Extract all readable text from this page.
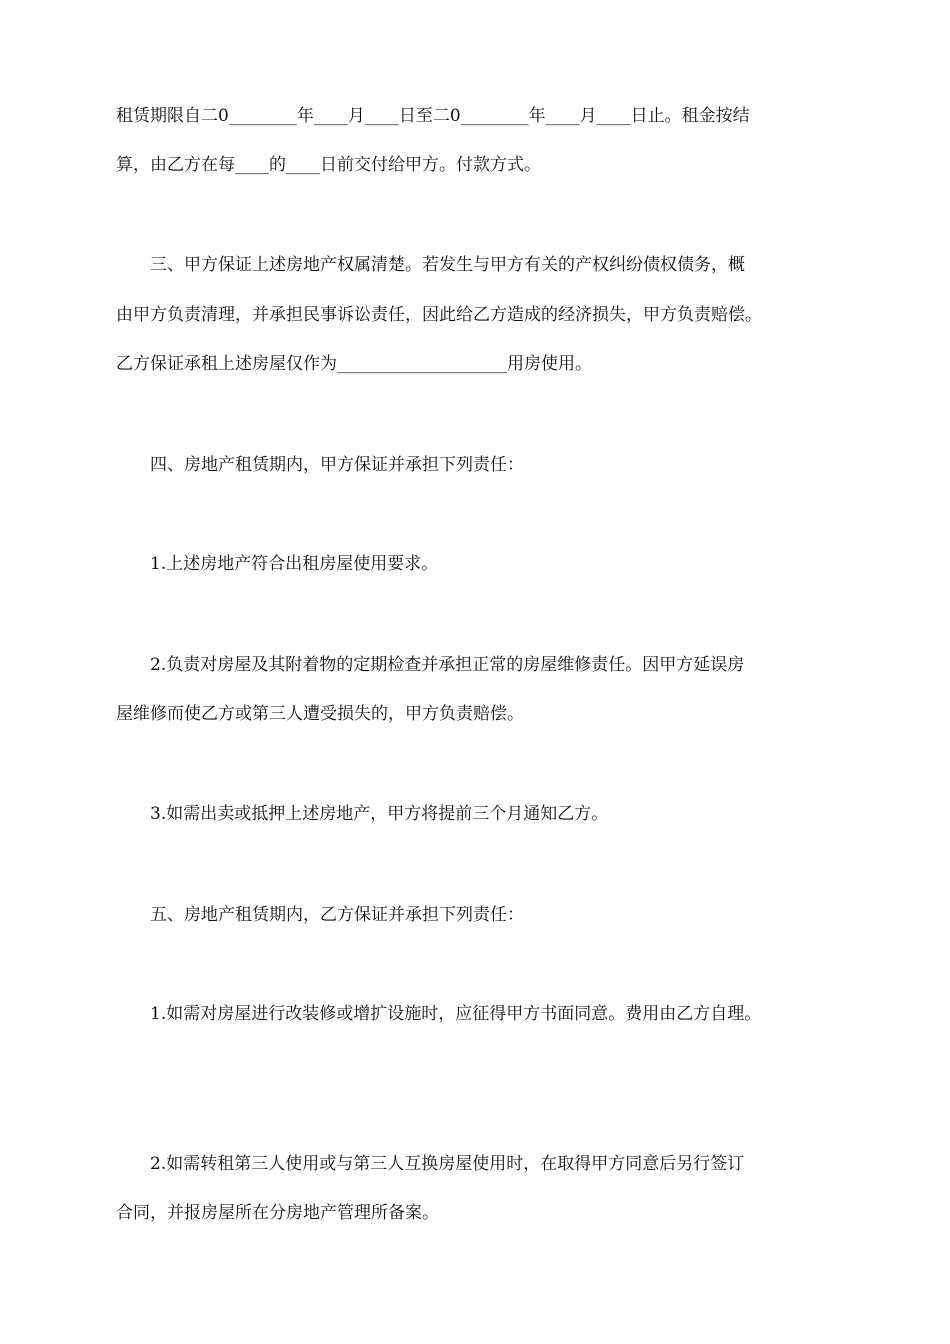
租赁期限自二0________年____月____日至二0________年____月____日止。租金按结
算，由乙方在每____的____日前交付给甲方。付款方式。
三、甲方保证上述房地产权属清楚。若发生与甲方有关的产权纠纷债权债务，概
由甲方负责清理，并承担民事诉讼责任，因此给乙方造成的经济损失，甲方负责赔偿。
乙方保证承租上述房屋仅作为____________________用房使用。
四、房地产租赁期内，甲方保证并承担下列责任：
1.上述房地产符合出租房屋使用要求。
2.负责对房屋及其附着物的定期检查并承担正常的房屋维修责任。因甲方延误房
屋维修而使乙方或第三人遭受损失的，甲方负责赔偿。
3.如需出卖或抵押上述房地产，甲方将提前三个月通知乙方。
五、房地产租赁期内，乙方保证并承担下列责任：
1.如需对房屋进行改装修或增扩设施时，应征得甲方书面同意。费用由乙方自理。
2.如需转租第三人使用或与第三人互换房屋使用时，在取得甲方同意后另行签订
合同，并报房屋所在分房地产管理所备案。
